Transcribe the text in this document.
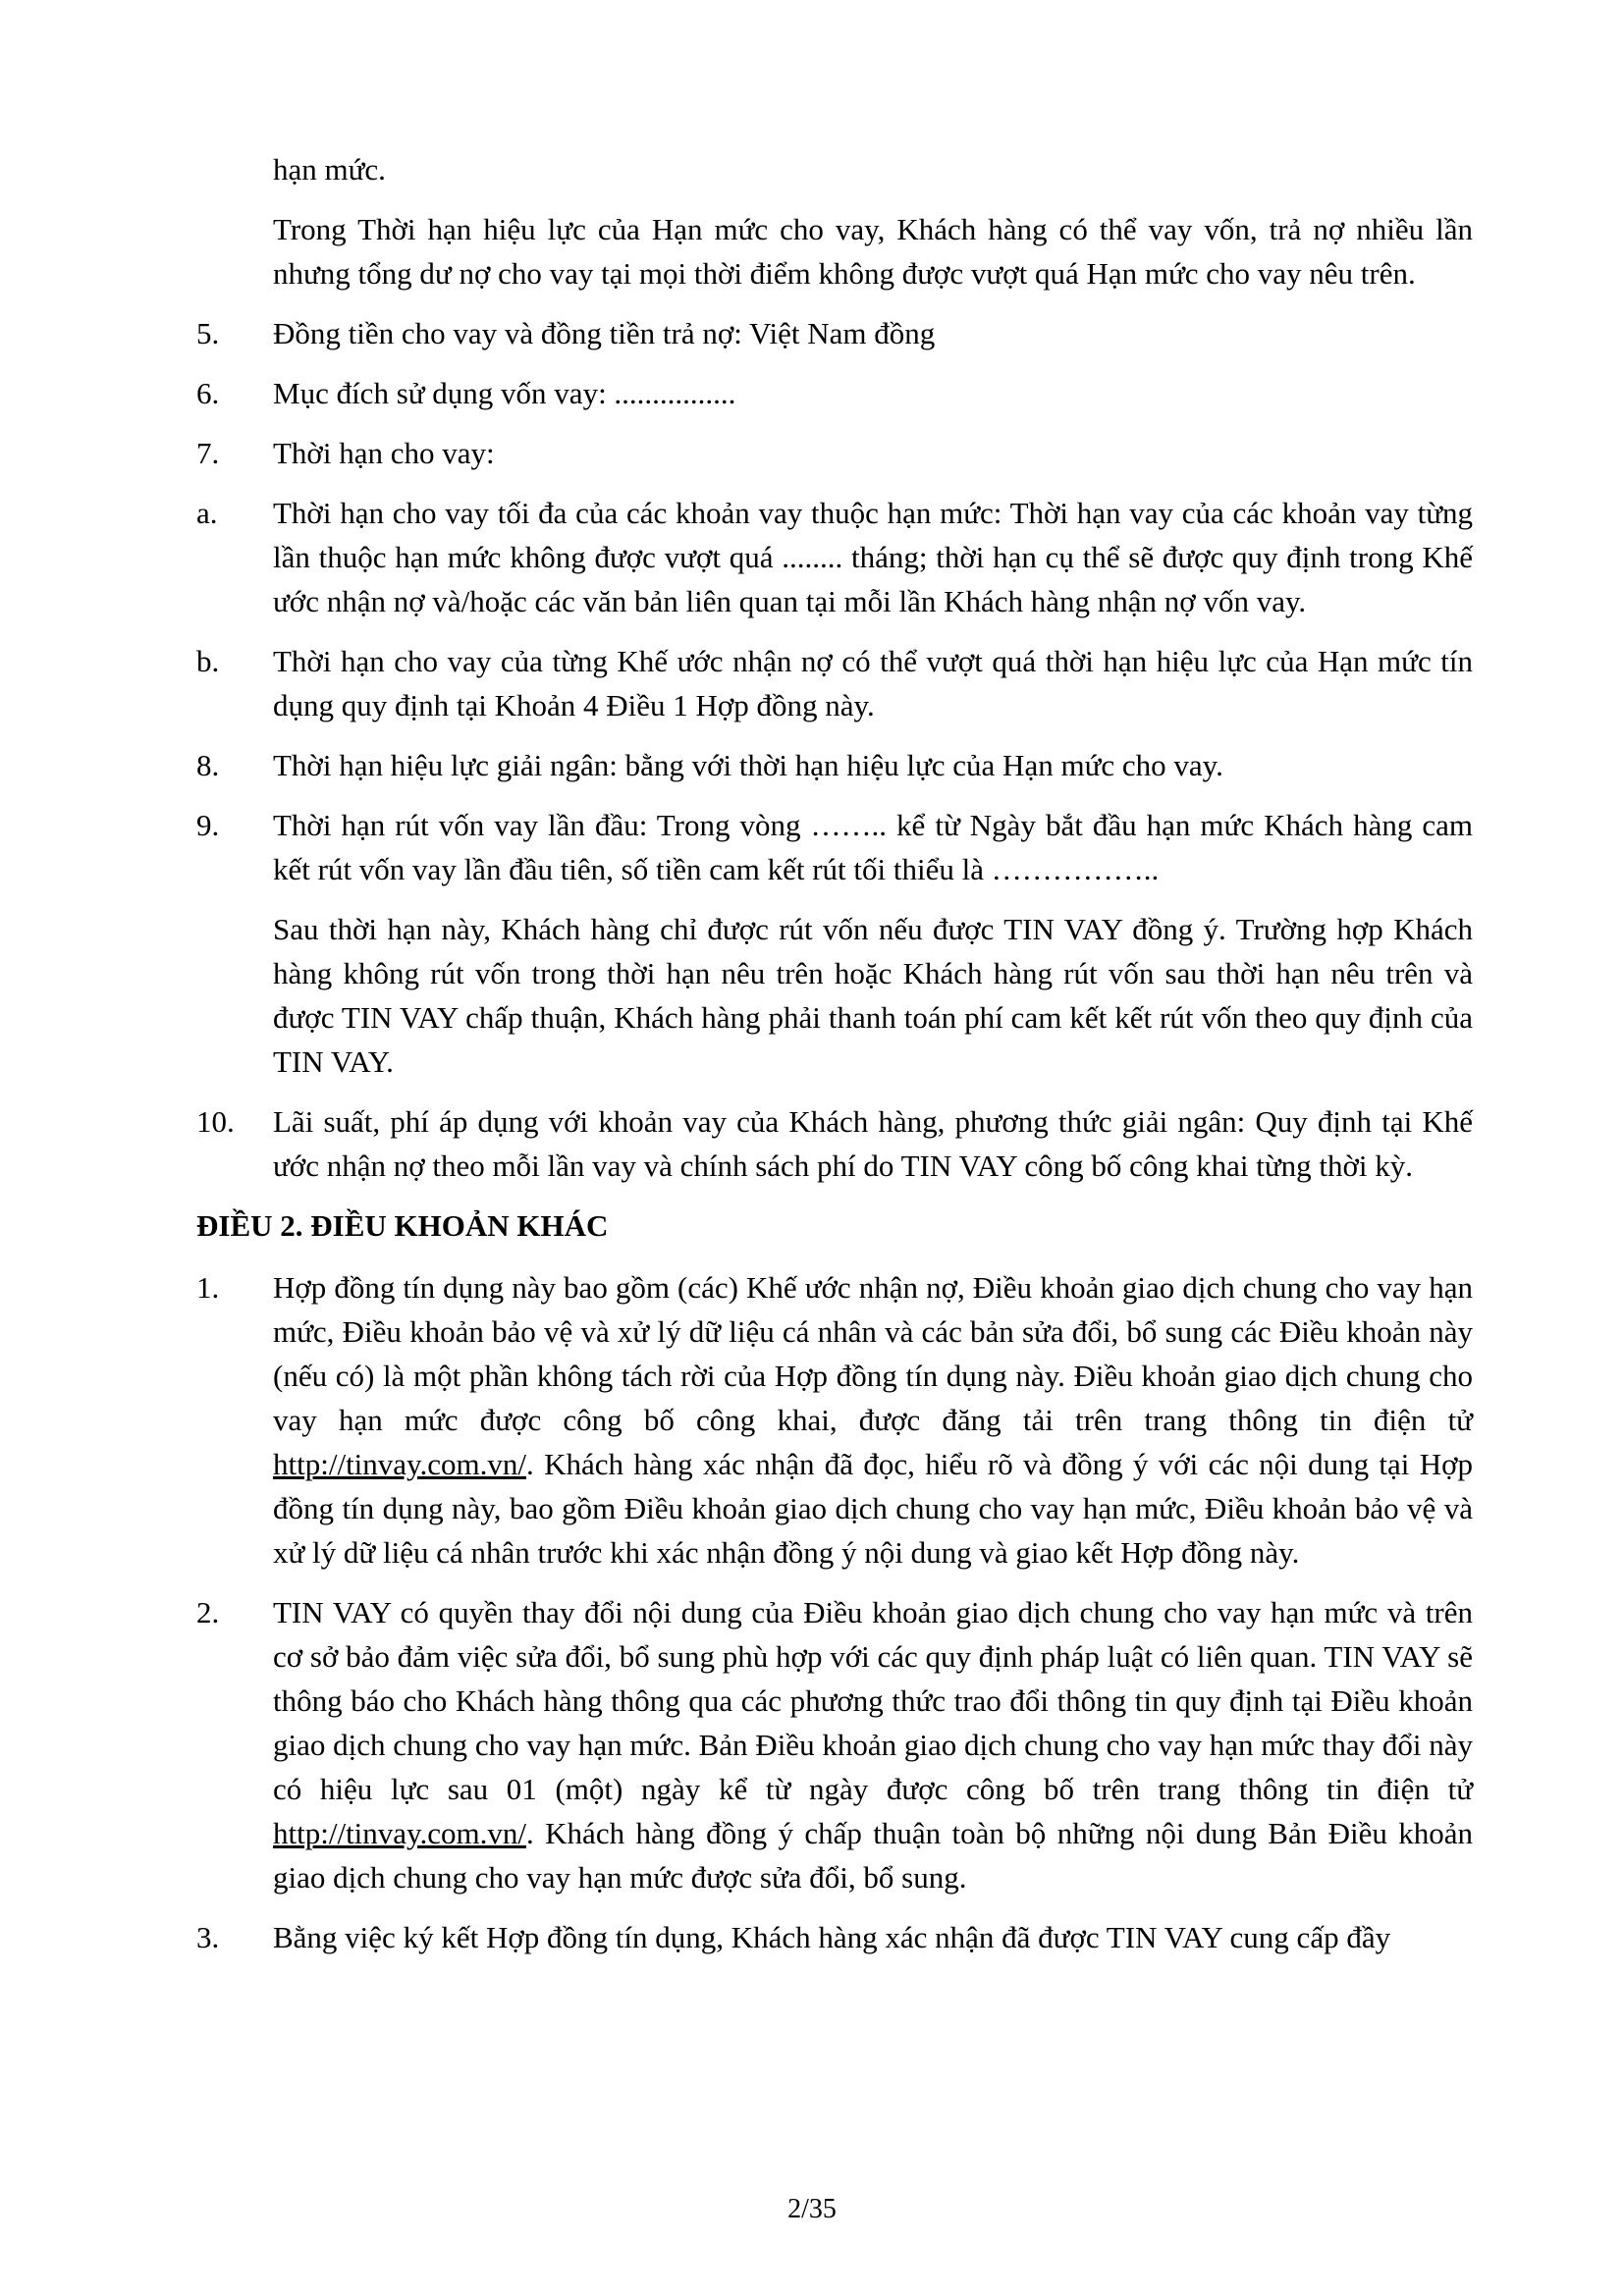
hạn mức.
Trong Thời hạn hiệu lực của Hạn mức cho vay, Khách hàng có thể vay vốn, trả nợ nhiều lần nhưng tổng dư nợ cho vay tại mọi thời điểm không được vượt quá Hạn mức cho vay nêu trên.
5. Đồng tiền cho vay và đồng tiền trả nợ: Việt Nam đồng
6. Mục đích sử dụng vốn vay: ................
7. Thời hạn cho vay:
a. Thời hạn cho vay tối đa của các khoản vay thuộc hạn mức: Thời hạn vay của các khoản vay từng lần thuộc hạn mức không được vượt quá ........ tháng; thời hạn cụ thể sẽ được quy định trong Khế ước nhận nợ và/hoặc các văn bản liên quan tại mỗi lần Khách hàng nhận nợ vốn vay.
b. Thời hạn cho vay của từng Khế ước nhận nợ có thể vượt quá thời hạn hiệu lực của Hạn mức tín dụng quy định tại Khoản 4 Điều 1 Hợp đồng này.
8. Thời hạn hiệu lực giải ngân: bằng với thời hạn hiệu lực của Hạn mức cho vay.
9. Thời hạn rút vốn vay lần đầu: Trong vòng …….. kể từ Ngày bắt đầu hạn mức Khách hàng cam kết rút vốn vay lần đầu tiên, số tiền cam kết rút tối thiểu là ……………..
Sau thời hạn này, Khách hàng chỉ được rút vốn nếu được TIN VAY đồng ý. Trường hợp Khách hàng không rút vốn trong thời hạn nêu trên hoặc Khách hàng rút vốn sau thời hạn nêu trên và được TIN VAY chấp thuận, Khách hàng phải thanh toán phí cam kết kết rút vốn theo quy định của TIN VAY.
10. Lãi suất, phí áp dụng với khoản vay của Khách hàng, phương thức giải ngân: Quy định tại Khế ước nhận nợ theo mỗi lần vay và chính sách phí do TIN VAY công bố công khai từng thời kỳ.
ĐIỀU 2. ĐIỀU KHOẢN KHÁC
1. Hợp đồng tín dụng này bao gồm (các) Khế ước nhận nợ, Điều khoản giao dịch chung cho vay hạn mức, Điều khoản bảo vệ và xử lý dữ liệu cá nhân và các bản sửa đổi, bổ sung các Điều khoản này (nếu có) là một phần không tách rời của Hợp đồng tín dụng này. Điều khoản giao dịch chung cho vay hạn mức được công bố công khai, được đăng tải trên trang thông tin điện tử http://tinvay.com.vn/. Khách hàng xác nhận đã đọc, hiểu rõ và đồng ý với các nội dung tại Hợp đồng tín dụng này, bao gồm Điều khoản giao dịch chung cho vay hạn mức, Điều khoản bảo vệ và xử lý dữ liệu cá nhân trước khi xác nhận đồng ý nội dung và giao kết Hợp đồng này.
2. TIN VAY có quyền thay đổi nội dung của Điều khoản giao dịch chung cho vay hạn mức và trên cơ sở bảo đảm việc sửa đổi, bổ sung phù hợp với các quy định pháp luật có liên quan. TIN VAY sẽ thông báo cho Khách hàng thông qua các phương thức trao đổi thông tin quy định tại Điều khoản giao dịch chung cho vay hạn mức. Bản Điều khoản giao dịch chung cho vay hạn mức thay đổi này có hiệu lực sau 01 (một) ngày kể từ ngày được công bố trên trang thông tin điện tử http://tinvay.com.vn/. Khách hàng đồng ý chấp thuận toàn bộ những nội dung Bản Điều khoản giao dịch chung cho vay hạn mức được sửa đổi, bổ sung.
3. Bằng việc ký kết Hợp đồng tín dụng, Khách hàng xác nhận đã được TIN VAY cung cấp đầy
2/35
